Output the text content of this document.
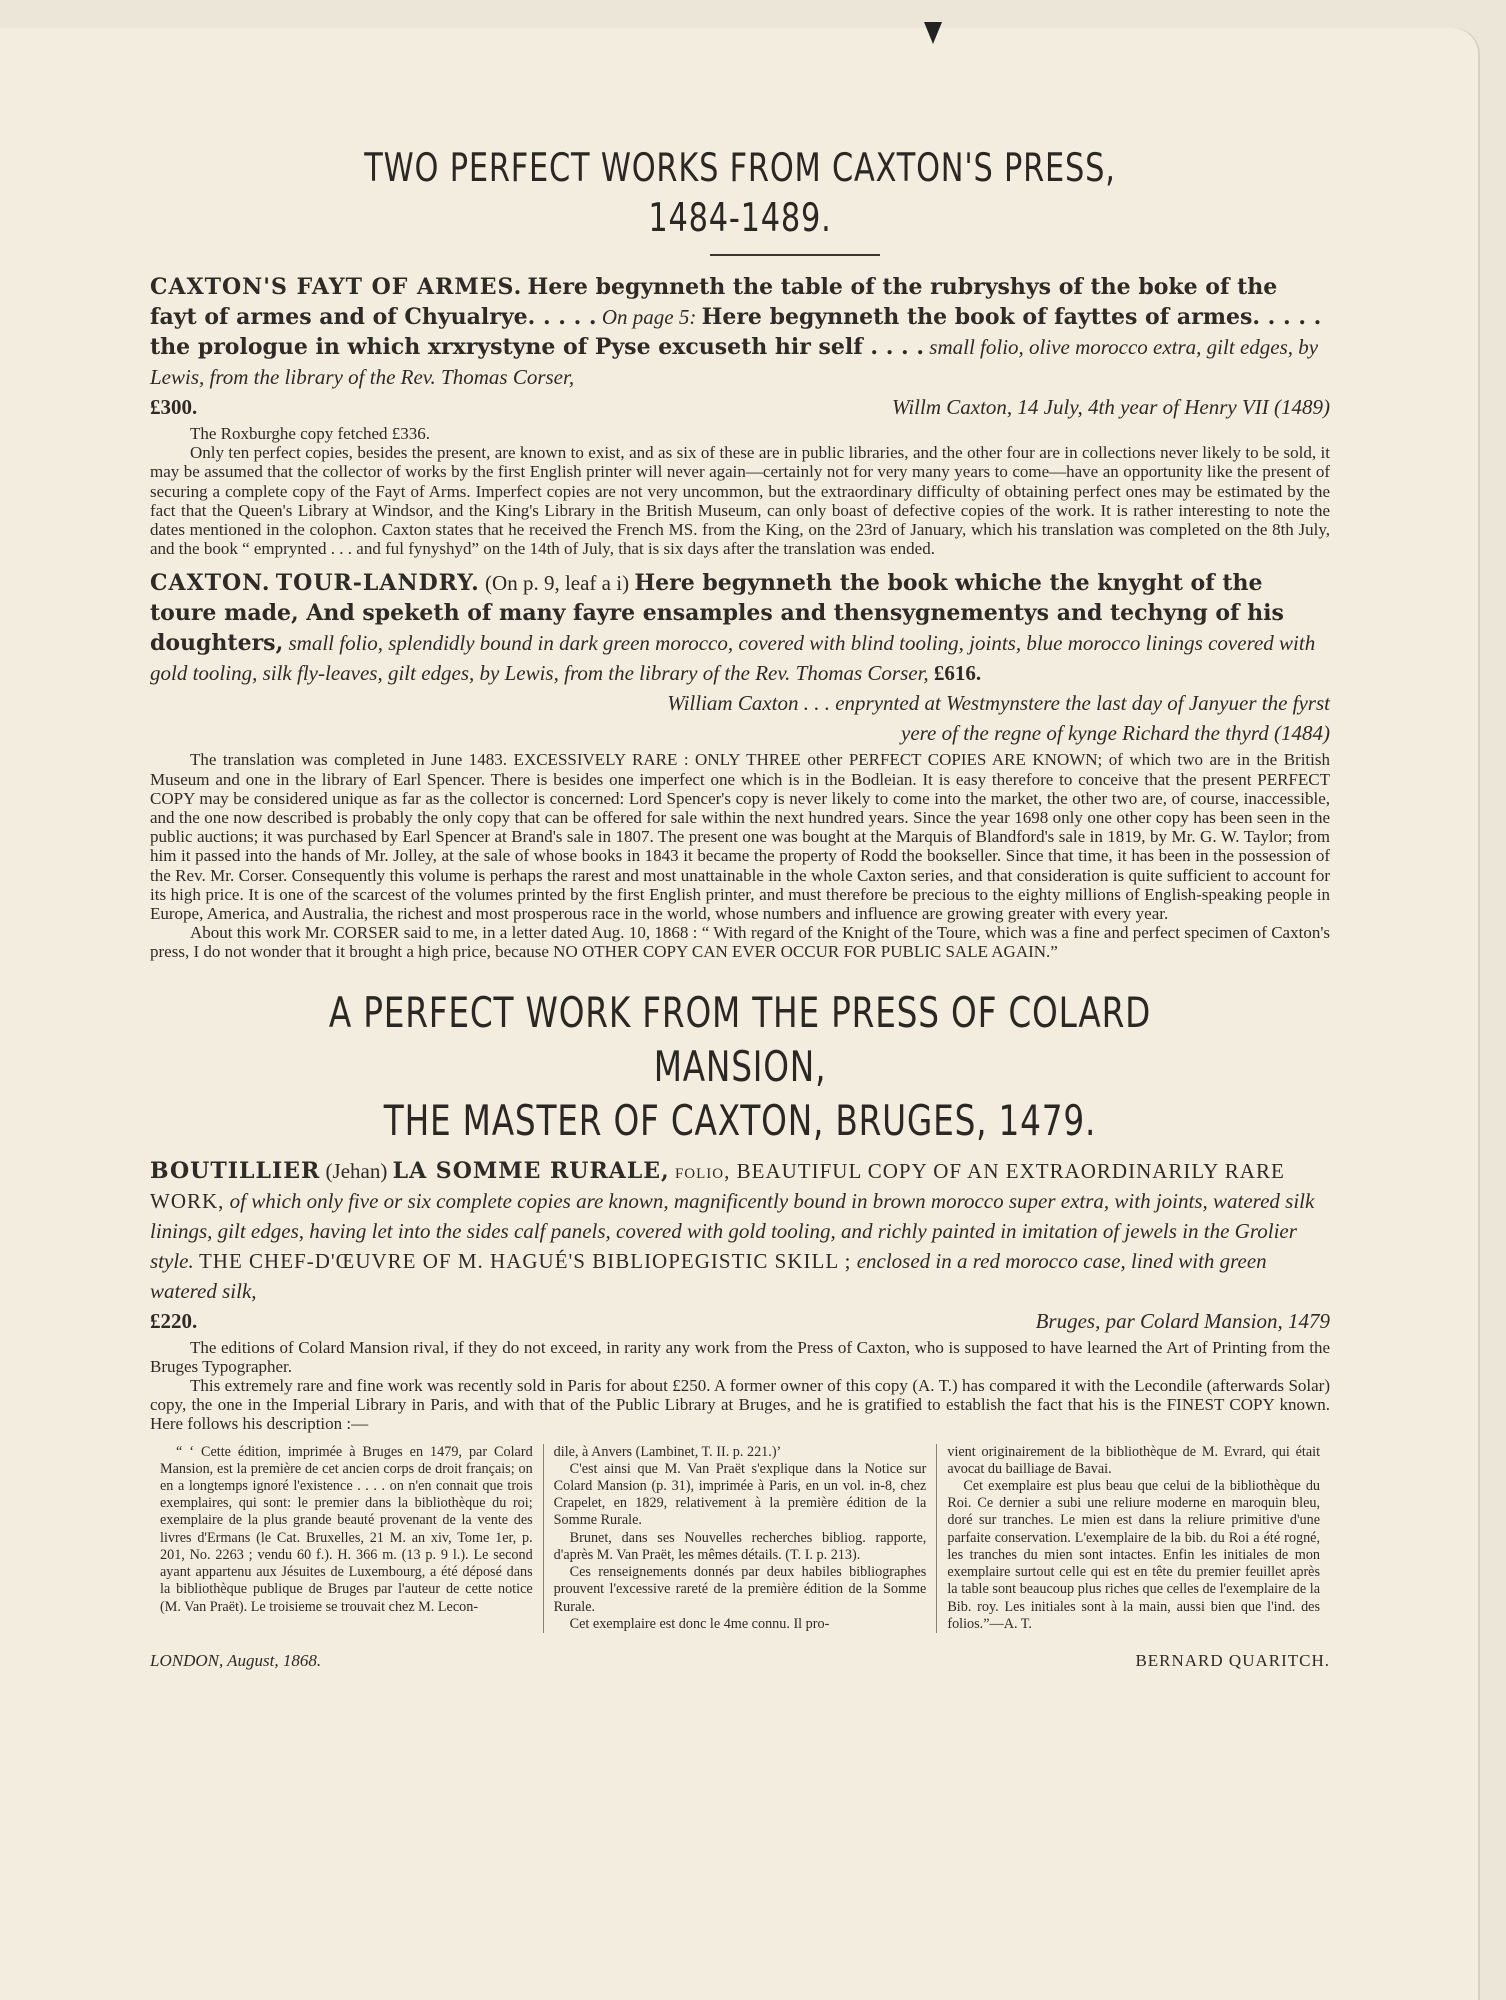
TWO PERFECT WORKS FROM CAXTON'S PRESS,
1484-1489.
CAXTON'S FAYT OF ARMES. Here begynneth the table of the rubryshys of the boke of the fayt of armes and of Chyualrye. . . . . On page 5: Here begynneth the book of fayttes of armes. . . . . the prologue in which xrxrystyne of Pyse excuseth hir self . . . . small folio, olive morocco extra, gilt edges, by Lewis, from the library of the Rev. Thomas Corser,
£300.	Willm Caxton, 14 July, 4th year of Henry VII (1489)

The Roxburghe copy fetched £336.

Only ten perfect copies, besides the present, are known to exist, and as six of these are in public libraries, and the other four are in collections never likely to be sold, it may be assumed that the collector of works by the first English printer will never again—certainly not for very many years to come—have an opportunity like the present of securing a complete copy of the Fayt of Arms. Imperfect copies are not very uncommon, but the extraordinary difficulty of obtaining perfect ones may be estimated by the fact that the Queen's Library at Windsor, and the King's Library in the British Museum, can only boast of defective copies of the work. It is rather interesting to note the dates mentioned in the colophon. Caxton states that he received the French MS. from the King, on the 23rd of January, which his translation was completed on the 8th July, and the book “ emprynted . . . and ful fynyshyd” on the 14th of July, that is six days after the translation was ended.

CAXTON. TOUR-LANDRY. (On p. 9, leaf a i) Here begynneth the book whiche the knyght of the toure made, And speketh of many fayre ensamples and thensygnementys and techyng of his doughters, small folio, splendidly bound in dark green morocco, covered with blind tooling, joints, blue morocco linings covered with gold tooling, silk fly-leaves, gilt edges, by Lewis, from the library of the Rev. Thomas Corser, £616.
William Caxton . . . enprynted at Westmynstere the last day of Janyuer the fyrst
yere of the regne of kynge Richard the thyrd (1484)

The translation was completed in June 1483. EXCESSIVELY RARE : ONLY THREE other PERFECT COPIES ARE KNOWN; of which two are in the British Museum and one in the library of Earl Spencer. There is besides one imperfect one which is in the Bodleian. It is easy therefore to conceive that the present PERFECT COPY may be considered unique as far as the collector is concerned: Lord Spencer's copy is never likely to come into the market, the other two are, of course, inaccessible, and the one now described is probably the only copy that can be offered for sale within the next hundred years. Since the year 1698 only one other copy has been seen in the public auctions; it was purchased by Earl Spencer at Brand's sale in 1807. The present one was bought at the Marquis of Blandford's sale in 1819, by Mr. G. W. Taylor; from him it passed into the hands of Mr. Jolley, at the sale of whose books in 1843 it became the property of Rodd the bookseller. Since that time, it has been in the possession of the Rev. Mr. Corser. Consequently this volume is perhaps the rarest and most unattainable in the whole Caxton series, and that consideration is quite sufficient to account for its high price. It is one of the scarcest of the volumes printed by the first English printer, and must therefore be precious to the eighty millions of English-speaking people in Europe, America, and Australia, the richest and most prosperous race in the world, whose numbers and influence are growing greater with every year.

About this work Mr. CORSER said to me, in a letter dated Aug. 10, 1868 : “ With regard of the Knight of the Toure, which was a fine and perfect specimen of Caxton's press, I do not wonder that it brought a high price, because NO OTHER COPY CAN EVER OCCUR FOR PUBLIC SALE AGAIN.”

A PERFECT WORK FROM THE PRESS OF COLARD MANSION,
THE MASTER OF CAXTON, BRUGES, 1479.
BOUTILLIER (Jehan) LA SOMME RURALE, folio, BEAUTIFUL COPY OF AN EXTRAORDINARILY RARE WORK, of which only five or six complete copies are known, magnificently bound in brown morocco super extra, with joints, watered silk linings, gilt edges, having let into the sides calf panels, covered with gold tooling, and richly painted in imitation of jewels in the Grolier style. THE CHEF-D'ŒUVRE OF M. HAGUÉ'S BIBLIOPEGISTIC SKILL ; enclosed in a red morocco case, lined with green watered silk,
£220.	Bruges, par Colard Mansion, 1479

The editions of Colard Mansion rival, if they do not exceed, in rarity any work from the Press of Caxton, who is supposed to have learned the Art of Printing from the Bruges Typographer.

This extremely rare and fine work was recently sold in Paris for about £250. A former owner of this copy (A. T.) has compared it with the Lecondile (afterwards Solar) copy, the one in the Imperial Library in Paris, and with that of the Public Library at Bruges, and he is gratified to establish the fact that his is the FINEST COPY known. Here follows his description :—

“ ‘ Cette édition, imprimée à Bruges en 1479, par Colard Mansion, est la première de cet ancien corps de droit français; on en a longtemps ignoré l'existence . . . . on n'en connait que trois exemplaires, qui sont: le premier dans la bibliothèque du roi; exemplaire de la plus grande beauté provenant de la vente des livres d'Ermans (le Cat. Bruxelles, 21 M. an xiv, Tome 1er, p. 201, No. 2263 ; vendu 60 f.). H. 366 m. (13 p. 9 l.). Le second ayant appartenu aux Jésuites de Luxembourg, a été déposé dans la bibliothèque publique de Bruges par l'auteur de cette notice (M. Van Praët). Le troisieme se trouvait chez M. Lecon-

dile, à Anvers (Lambinet, T. II. p. 221.)’

C'est ainsi que M. Van Praët s'explique dans la Notice sur Colard Mansion (p. 31), imprimée à Paris, en un vol. in-8, chez Crapelet, en 1829, relativement à la première édition de la Somme Rurale.

Brunet, dans ses Nouvelles recherches bibliog. rapporte, d'après M. Van Praët, les mêmes détails. (T. I. p. 213).

Ces renseignements donnés par deux habiles bibliographes prouvent l'excessive rareté de la première édition de la Somme Rurale.

Cet exemplaire est donc le 4me connu. Il pro-

vient originairement de la bibliothèque de M. Evrard, qui était avocat du bailliage de Bavai.

Cet exemplaire est plus beau que celui de la bibliothèque du Roi. Ce dernier a subi une reliure moderne en maroquin bleu, doré sur tranches. Le mien est dans la reliure primitive d'une parfaite conservation. L'exemplaire de la bib. du Roi a été rogné, les tranches du mien sont intactes. Enfin les initiales de mon exemplaire surtout celle qui est en tête du premier feuillet après la table sont beaucoup plus riches que celles de l'exemplaire de la Bib. roy. Les initiales sont à la main, aussi bien que l'ind. des folios.”—A. T.

LONDON, August, 1868.	BERNARD QUARITCH.
